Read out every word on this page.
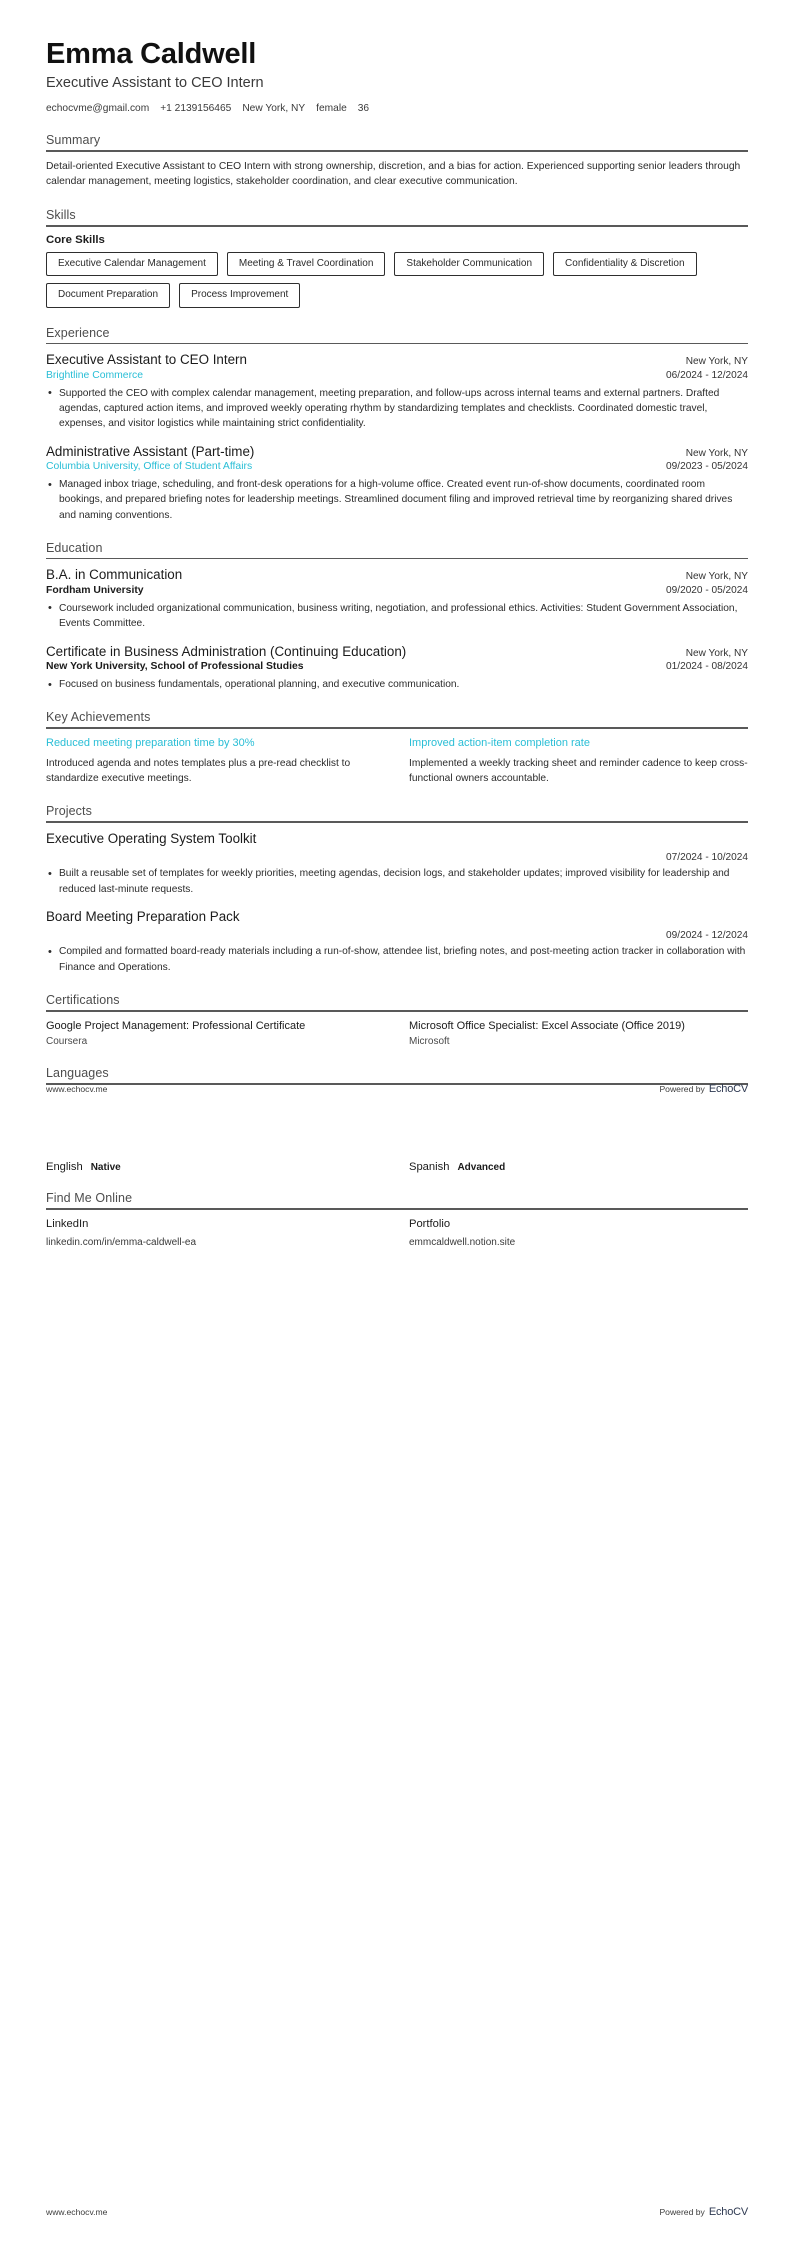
Emma Caldwell
Executive Assistant to CEO Intern
echocvme@gmail.com +1 2139156465 New York, NY female 36
Summary
Detail-oriented Executive Assistant to CEO Intern with strong ownership, discretion, and a bias for action. Experienced supporting senior leaders through calendar management, meeting logistics, stakeholder coordination, and clear executive communication.
Skills
Core Skills
Executive Calendar Management	Meeting & Travel Coordination	Stakeholder Communication	Confidentiality & Discretion
Document Preparation	Process Improvement
Experience
Executive Assistant to CEO Intern	New York, NY
Brightline Commerce	06/2024 - 12/2024
• Supported the CEO with complex calendar management, meeting preparation, and follow-ups across internal teams and external partners. Drafted agendas, captured action items, and improved weekly operating rhythm by standardizing templates and checklists. Coordinated domestic travel, expenses, and visitor logistics while maintaining strict confidentiality.
Administrative Assistant (Part-time)	New York, NY
Columbia University, Office of Student Affairs	09/2023 - 05/2024
• Managed inbox triage, scheduling, and front-desk operations for a high-volume office. Created event run-of-show documents, coordinated room bookings, and prepared briefing notes for leadership meetings. Streamlined document filing and improved retrieval time by reorganizing shared drives and naming conventions.
Education
B.A. in Communication	New York, NY
Fordham University	09/2020 - 05/2024
• Coursework included organizational communication, business writing, negotiation, and professional ethics. Activities: Student Government Association, Events Committee.
Certificate in Business Administration (Continuing Education)	New York, NY
New York University, School of Professional Studies	01/2024 - 08/2024
• Focused on business fundamentals, operational planning, and executive communication.
Key Achievements
Reduced meeting preparation time by 30%
Introduced agenda and notes templates plus a pre-read checklist to standardize executive meetings.
Improved action-item completion rate
Implemented a weekly tracking sheet and reminder cadence to keep cross-functional owners accountable.
Projects
Executive Operating System Toolkit
07/2024 - 10/2024
• Built a reusable set of templates for weekly priorities, meeting agendas, decision logs, and stakeholder updates; improved visibility for leadership and reduced last-minute requests.
Board Meeting Preparation Pack
09/2024 - 12/2024
• Compiled and formatted board-ready materials including a run-of-show, attendee list, briefing notes, and post-meeting action tracker in collaboration with Finance and Operations.
Certifications
Google Project Management: Professional Certificate
Coursera
Microsoft Office Specialist: Excel Associate (Office 2019)
Microsoft
Languages
www.echocv.me	Powered by EchoCV
English Native	Spanish Advanced
Find Me Online
LinkedIn
linkedin.com/in/emma-caldwell-ea
Portfolio
emmcaldwell.notion.site
www.echocv.me	Powered by EchoCV
